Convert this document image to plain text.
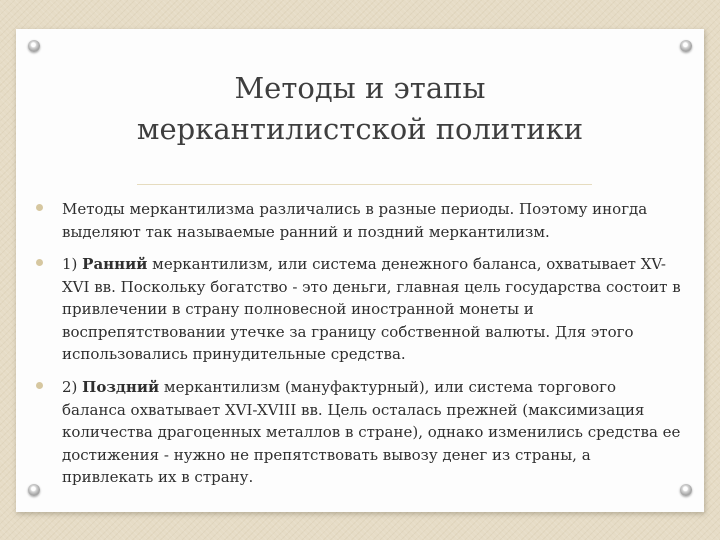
Методы и этапы
меркантилистской политики
Методы меркантилизма различались в разные периоды. Поэтому иногда выделяют так называемые ранний и поздний меркантилизм.
1) Ранний меркантилизм, или система денежного баланса, охватывает XV-XVI вв. Поскольку богатство - это деньги, главная цель государства состоит в привлечении в страну полновесной иностранной монеты и воспрепятствовании утечке за границу собственной валюты. Для этого использовались принудительные средства.
2) Поздний меркантилизм (мануфактурный), или система торгового баланса охватывает XVI-XVIII вв. Цель осталась прежней (максимизация количества драгоценных металлов в стране), однако изменились средства ее достижения - нужно не препятствовать вывозу денег из страны, а привлекать их в страну.
